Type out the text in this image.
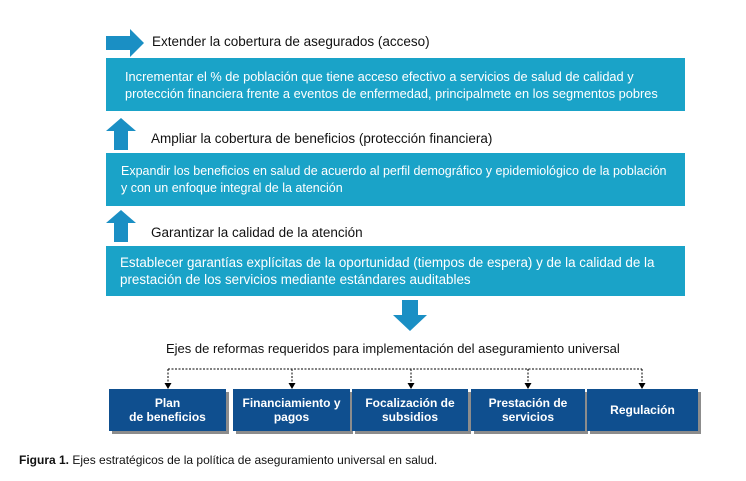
Extender la cobertura de asegurados (acceso)
Incrementar el % de población que tiene acceso efectivo a servicios de salud de calidad y
protección financiera frente a eventos de enfermedad, principalmete en los segmentos pobres
Ampliar la cobertura de beneficios (protección financiera)
Expandir los beneficios en salud de acuerdo al perfil demográfico y epidemiológico de la población
y con un enfoque integral de la atención
Garantizar la calidad de la atención
Establecer garantías explícitas de la oportunidad (tiempos de espera) y de la calidad de la
prestación de los servicios mediante estándares auditables
Ejes de reformas requeridos para implementación del aseguramiento universal
Plan
de beneficios
Financiamiento y
pagos
Focalización de
subsidios
Prestación de
servicios	Regulación
Figura 1. Ejes estratégicos de la política de aseguramiento universal en salud.
